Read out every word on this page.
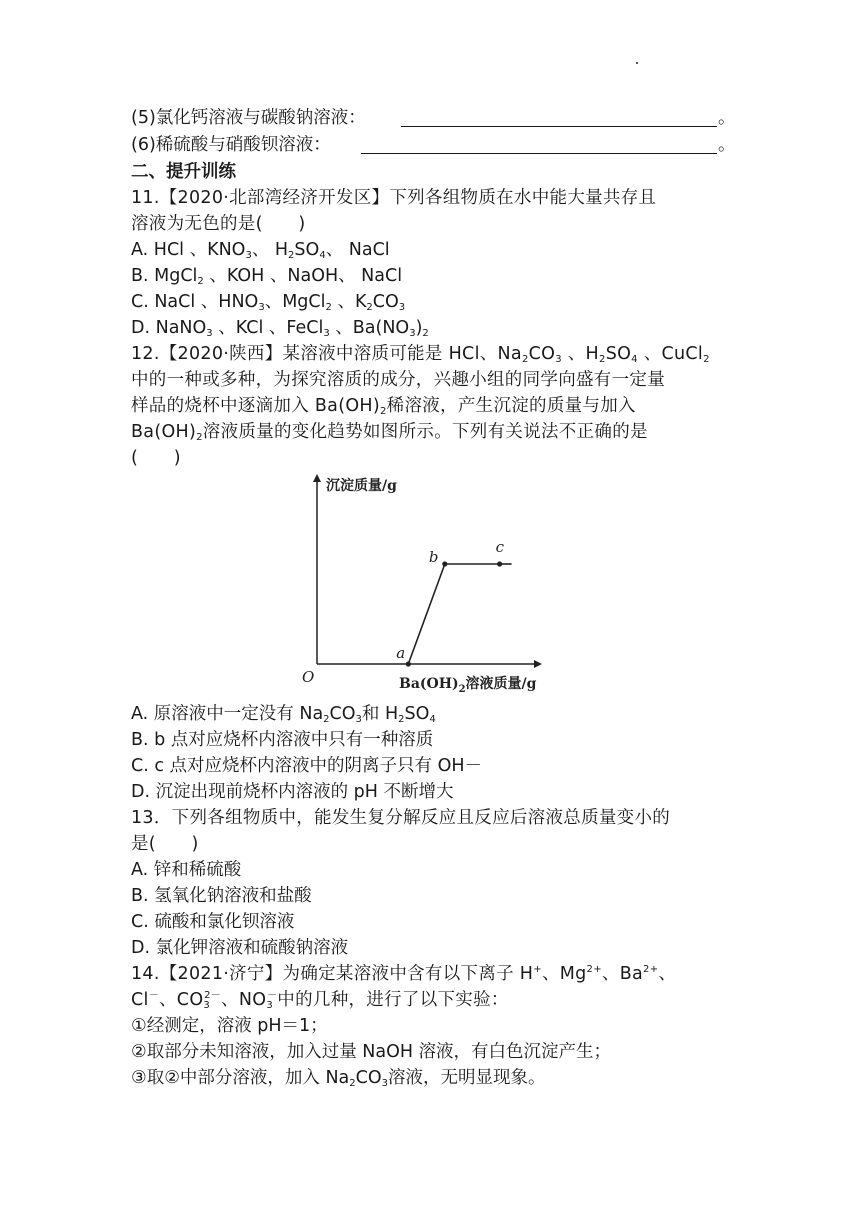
(5)氯化钙溶液与碳酸钠溶液：	。
(6)稀硫酸与硝酸钡溶液：	。
二、提升训练
11.【2020·北部湾经济开发区】下列各组物质在水中能大量共存且
溶液为无色的是(　　)
A. HCl 、$KNO_3$、 $H_2SO_4$、 NaCl
B. MgCl$_2$ 、KOH 、NaOH、 NaCl
C. NaCl 、$HNO_3$、MgCl$_2$ 、$K_2CO_3$
D. NaNO$_3$ 、KCl 、FeCl$_3$ 、$Ba(NO_3)_2$
12.【2020·陕西】某溶液中溶质可能是 HCl、$Na_2CO_3$ 、$H_2SO_4$ 、CuCl$_2$
中的一种或多种，为探究溶质的成分，兴趣小组的同学向盛有一定量
样品的烧杯中逐滴加入 $Ba(OH)_2$稀溶液，产生沉淀的质量与加入
$Ba(OH)_2$溶液质量的变化趋势如图所示。下列有关说法不正确的是
(　　)
沉淀质量/g
$Ba(OH)_2$溶液质量/g
O
a
b
c
A. 原溶液中一定没有 $Na_2CO_3$和 $H_2SO_4$
B. b 点对应烧杯内溶液中只有一种溶质
C. c 点对应烧杯内溶液中的阴离子只有 OH－
D. 沉淀出现前烧杯内溶液的 pH 不断增大
13．下列各组物质中，能发生复分解反应且反应后溶液总质量变小的
是(　　)
A. 锌和稀硫酸
B. 氢氧化钠溶液和盐酸
C. 硫酸和氯化钡溶液
D. 氯化钾溶液和硫酸钠溶液
14.【2021·济宁】为确定某溶液中含有以下离子 H+、$Mg^{2+}$、$Ba^{2+}$、
Cl－、$CO_3^{2-}$、$NO_3^-$中的几种，进行了以下实验：
①经测定，溶液 pH＝1；
②取部分未知溶液，加入过量 NaOH 溶液，有白色沉淀产生；
③取②中部分溶液，加入 $Na_2CO_3$溶液，无明显现象。
